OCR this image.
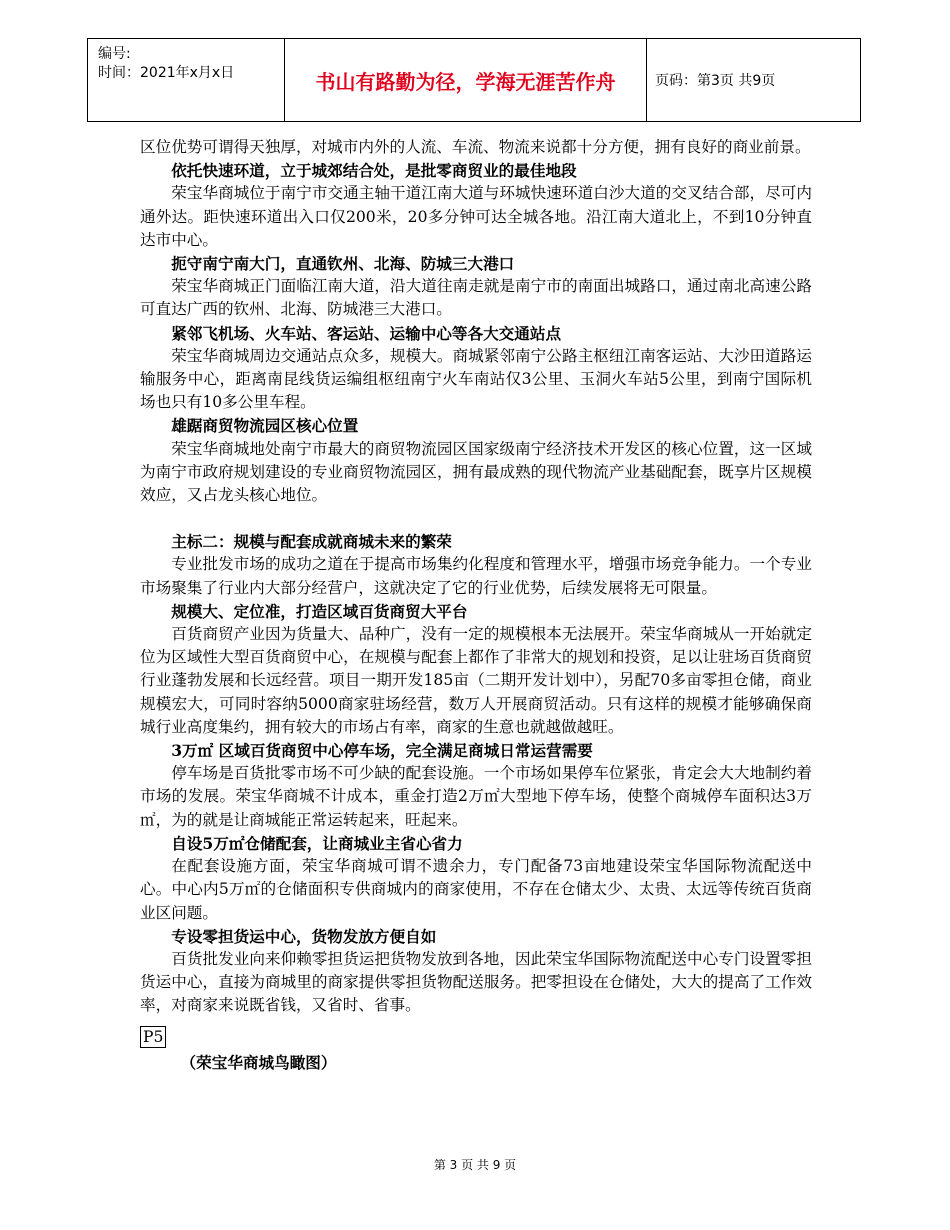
编号:
时间：2021年x月x日	书山有路勤为径，学海无涯苦作舟	页码：第3页 共9页

区位优势可谓得天独厚，对城市内外的人流、车流、物流来说都十分方便，拥有良好的商业前景。

依托快速环道，立于城郊结合处，是批零商贸业的最佳地段

荣宝华商城位于南宁市交通主轴干道江南大道与环城快速环道白沙大道的交叉结合部，尽可内通外达。距快速环道出入口仅200米，20多分钟可达全城各地。沿江南大道北上，不到10分钟直达市中心。

扼守南宁南大门，直通钦州、北海、防城三大港口

荣宝华商城正门面临江南大道，沿大道往南走就是南宁市的南面出城路口，通过南北高速公路可直达广西的钦州、北海、防城港三大港口。

紧邻飞机场、火车站、客运站、运输中心等各大交通站点

荣宝华商城周边交通站点众多，规模大。商城紧邻南宁公路主枢纽江南客运站、大沙田道路运输服务中心，距离南昆线货运编组枢纽南宁火车南站仅3公里、玉洞火车站5公里，到南宁国际机场也只有10多公里车程。

雄踞商贸物流园区核心位置

荣宝华商城地处南宁市最大的商贸物流园区国家级南宁经济技术开发区的核心位置，这一区域为南宁市政府规划建设的专业商贸物流园区，拥有最成熟的现代物流产业基础配套，既享片区规模效应，又占龙头核心地位。

主标二：规模与配套成就商城未来的繁荣

专业批发市场的成功之道在于提高市场集约化程度和管理水平，增强市场竞争能力。一个专业市场聚集了行业内大部分经营户，这就决定了它的行业优势，后续发展将无可限量。

规模大、定位准，打造区域百货商贸大平台

百货商贸产业因为货量大、品种广，没有一定的规模根本无法展开。荣宝华商城从一开始就定位为区域性大型百货商贸中心，在规模与配套上都作了非常大的规划和投资，足以让驻场百货商贸行业蓬勃发展和长远经营。项目一期开发185亩（二期开发计划中），另配70多亩零担仓储，商业规模宏大，可同时容纳5000商家驻场经营，数万人开展商贸活动。只有这样的规模才能够确保商城行业高度集约，拥有较大的市场占有率，商家的生意也就越做越旺。

3万㎡ 区域百货商贸中心停车场，完全满足商城日常运营需要

停车场是百货批零市场不可少缺的配套设施。一个市场如果停车位紧张，肯定会大大地制约着市场的发展。荣宝华商城不计成本，重金打造2万㎡大型地下停车场，使整个商城停车面积达3万㎡，为的就是让商城能正常运转起来，旺起来。

自设5万㎡仓储配套，让商城业主省心省力

在配套设施方面，荣宝华商城可谓不遗余力，专门配备73亩地建设荣宝华国际物流配送中心。中心内5万㎡的仓储面积专供商城内的商家使用，不存在仓储太少、太贵、太远等传统百货商业区问题。

专设零担货运中心，货物发放方便自如

百货批发业向来仰赖零担货运把货物发放到各地，因此荣宝华国际物流配送中心专门设置零担货运中心，直接为商城里的商家提供零担货物配送服务。把零担设在仓储处，大大的提高了工作效率，对商家来说既省钱，又省时、省事。

P5

（荣宝华商城鸟瞰图）

第 3 页 共 9 页
